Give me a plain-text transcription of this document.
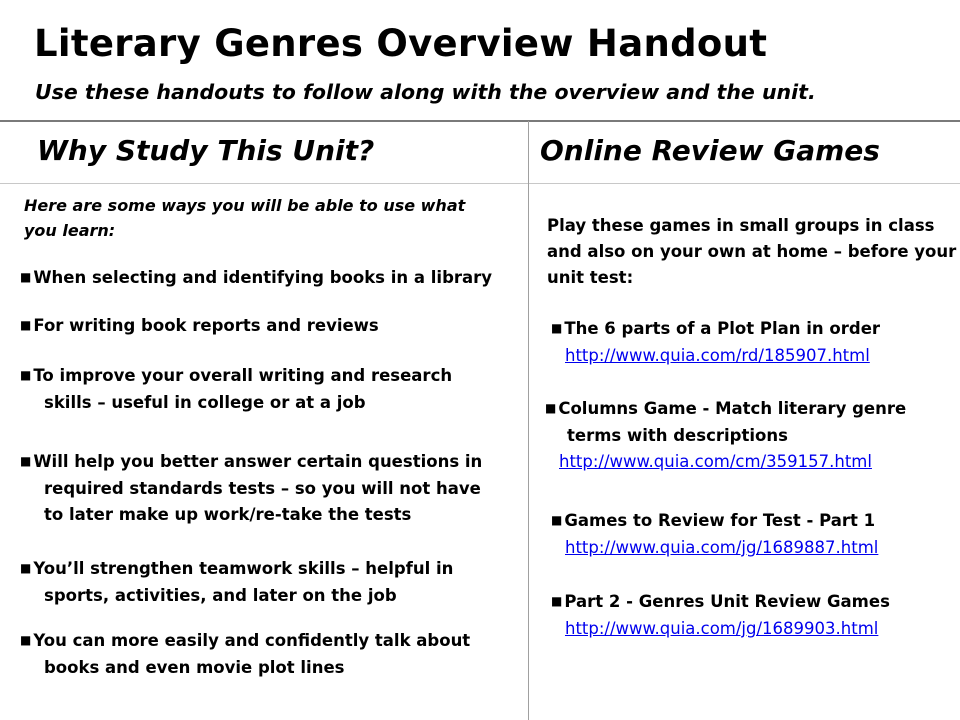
Literary Genres Overview Handout
Use these handouts to follow along with the overview and the unit.
Why Study This Unit?	Online Review Games
Here are some ways you will be able to use what you learn:
■ When selecting and identifying books in a library
■ For writing book reports and reviews
■ To improve your overall writing and research
skills – useful in college or at a job
■ Will help you better answer certain questions in
required standards tests – so you will not have
to later make up work/re-take the tests
■ You’ll strengthen teamwork skills – helpful in
sports, activities, and later on the job
■ You can more easily and confidently talk about
books and even movie plot lines
Play these games in small groups in class and also on your own at home – before your unit test:
■ The 6 parts of a Plot Plan in order
http://www.quia.com/rd/185907.html
■ Columns Game - Match literary genre
terms with descriptions
http://www.quia.com/cm/359157.html
■ Games to Review for Test - Part 1
http://www.quia.com/jg/1689887.html
■ Part 2 - Genres Unit Review Games
http://www.quia.com/jg/1689903.html
